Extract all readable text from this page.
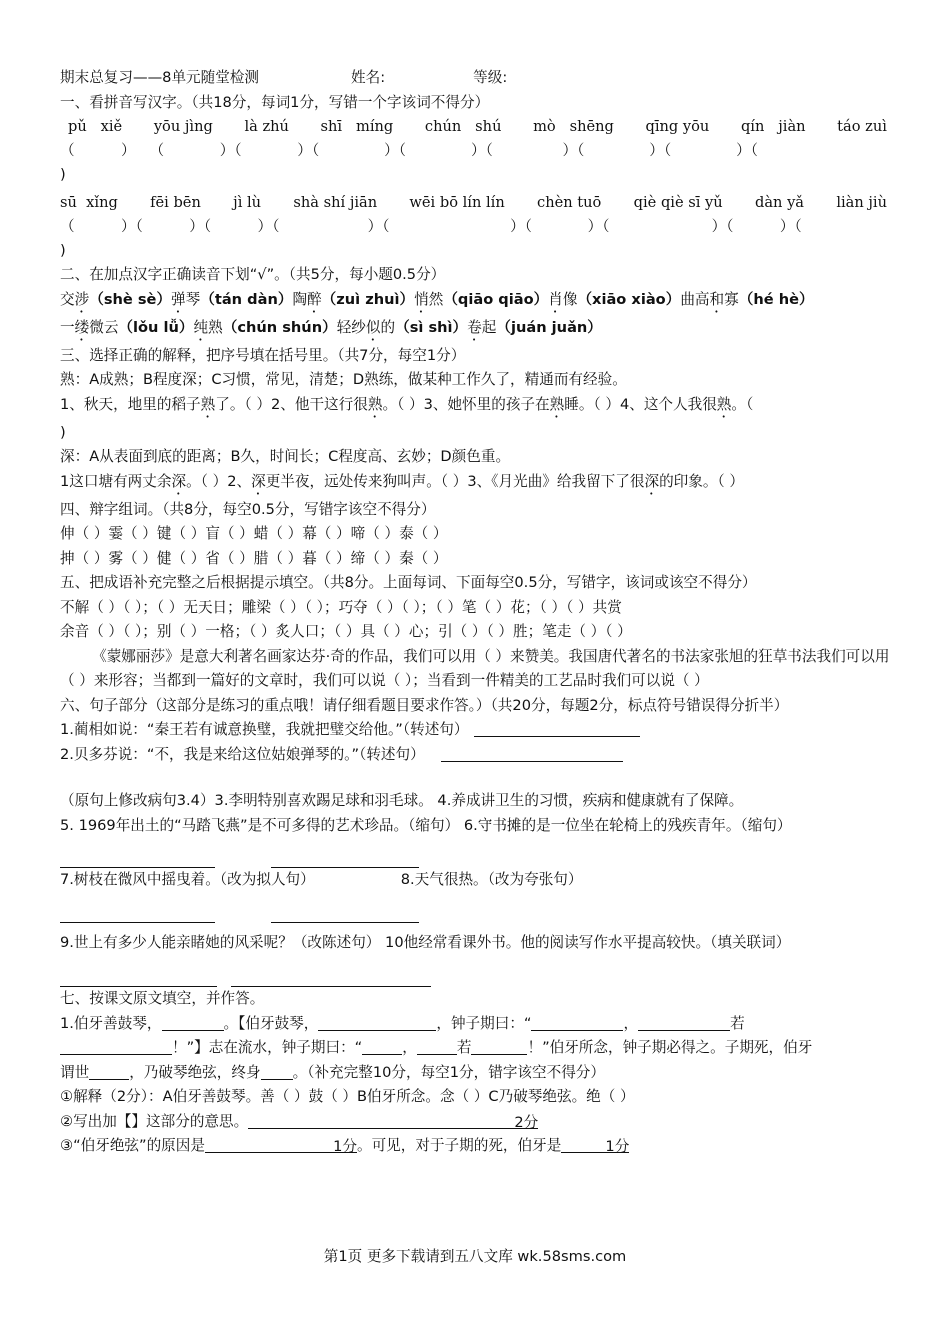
期末总复习——8单元随堂检测	姓名:	等级:
一、看拼音写汉字。（共18分，每词1分，写错一个字该词不得分）
pǔ   xiě yōu jìng là zhú shī   míng chún   shú mò   shēng qīng yōu qín   jiàn táo zuì
（          ）   （            ）（            ）（              ）（              ）（               ）（              ）（              ）（
)
sū  xǐng fēi bēn jì lù shà shí jiān wēi bō lín lín chèn tuō qiè qiè sī yǔ dàn yǎ liàn jiù
（          ）（          ）（          ）（                   ）（                          ）（            ）（                      ）（          ）（
)
二、在加点汉字正确读音下划“√”。（共5分，每小题0.5分）
交涉（shè sè）弹琴（tán dàn）陶醉（zuì zhuì）悄然（qiāo qiāo）肖像（xiāo xiào）曲高和寡（hé hè）
一缕微云（lǒu lǚ）纯熟（chún shún）轻纱似的（sì shì）卷起（juán juǎn）
三、选择正确的解释，把序号填在括号里。（共7分，每空1分）
熟：A成熟；B程度深；C习惯，常见，清楚；D熟练，做某种工作久了，精通而有经验。
1、秋天，地里的稻子熟了。（ ）2、他干这行很熟。（ ）3、她怀里的孩子在熟睡。（ ）4、这个人我很熟。（
)
深：A从表面到底的距离；B久，时间长；C程度高、玄妙；D颜色重。
1这口塘有两丈余深。（ ）2、深更半夜，远处传来狗叫声。（ ）3、《月光曲》给我留下了很深的印象。（ ）
四、辩字组词。（共8分，每空0.5分，写错字该空不得分）
伸（ ）霎（ ）键（ ）盲（ ）蜡（ ）幕（ ）啼（ ）泰（ ）
抻（ ）雾（ ）健（ ）省（ ）腊（ ）暮（ ）缔（ ）秦（ ）
五、把成语补充完整之后根据提示填空。（共8分。上面每词、下面每空0.5分，写错字，该词或该空不得分）
不解（ ）（ ）；（ ）无天日；雕梁（ ）（ ）；巧夺（ ）（ ）；（ ）笔（ ）花；（ ）（ ）共赏
余音（ ）（ ）；别（ ）一格；（ ）炙人口；（ ）具（ ）心；引（ ）（ ）胜；笔走（ ）（ ）
《蒙娜丽莎》是意大利著名画家达芬·奇的作品，我们可以用（ ）来赞美。我国唐代著名的书法家张旭的狂草书法我们可以用（ ）来形容；当都到一篇好的文章时，我们可以说（ ）；当看到一件精美的工艺品时我们可以说（ ）
六、句子部分（这部分是练习的重点哦！请仔细看题目要求作答。）（共20分，每题2分，标点符号错误得分折半）
1.蔺相如说：“秦王若有诚意换璧，我就把璧交给他。”（转述句）
2.贝多芬说：“不，我是来给这位姑娘弹琴的。”（转述句）
（原句上修改病句3.4）3.李明特别喜欢踢足球和羽毛球。 4.养成讲卫生的习惯，疾病和健康就有了保障。
5. 1969年出土的“马踏飞燕”是不可多得的艺术珍品。（缩句） 6.守书摊的是一位坐在轮椅上的残疾青年。（缩句）
7.树枝在微风中摇曳着。（改为拟人句）	8.天气很热。（改为夸张句）
9.世上有多少人能亲睹她的风采呢？（改陈述句） 10他经常看课外书。他的阅读写作水平提高较快。（填关联词）
七、按课文原文填空，并作答。
1.伯牙善鼓琴，	。【伯牙鼓琴，	，钟子期曰：“	，	若
！”】志在流水，钟子期曰：“	，	若	！”伯牙所念，钟子期必得之。子期死，伯牙
谓世	，乃破琴绝弦，终身 。（补充完整10分，每空1分，错字该空不得分）
①解释（2分）：A伯牙善鼓琴。善（ ）鼓（ ）B伯牙所念。念（ ）C乃破琴绝弦。绝（ ）
②写出加【】这部分的意思。	2分
③“伯牙绝弦”的原因是	1分 。可见，对于子期的死，伯牙是	1分
第1页 更多下载请到五八文库 wk.58sms.com
